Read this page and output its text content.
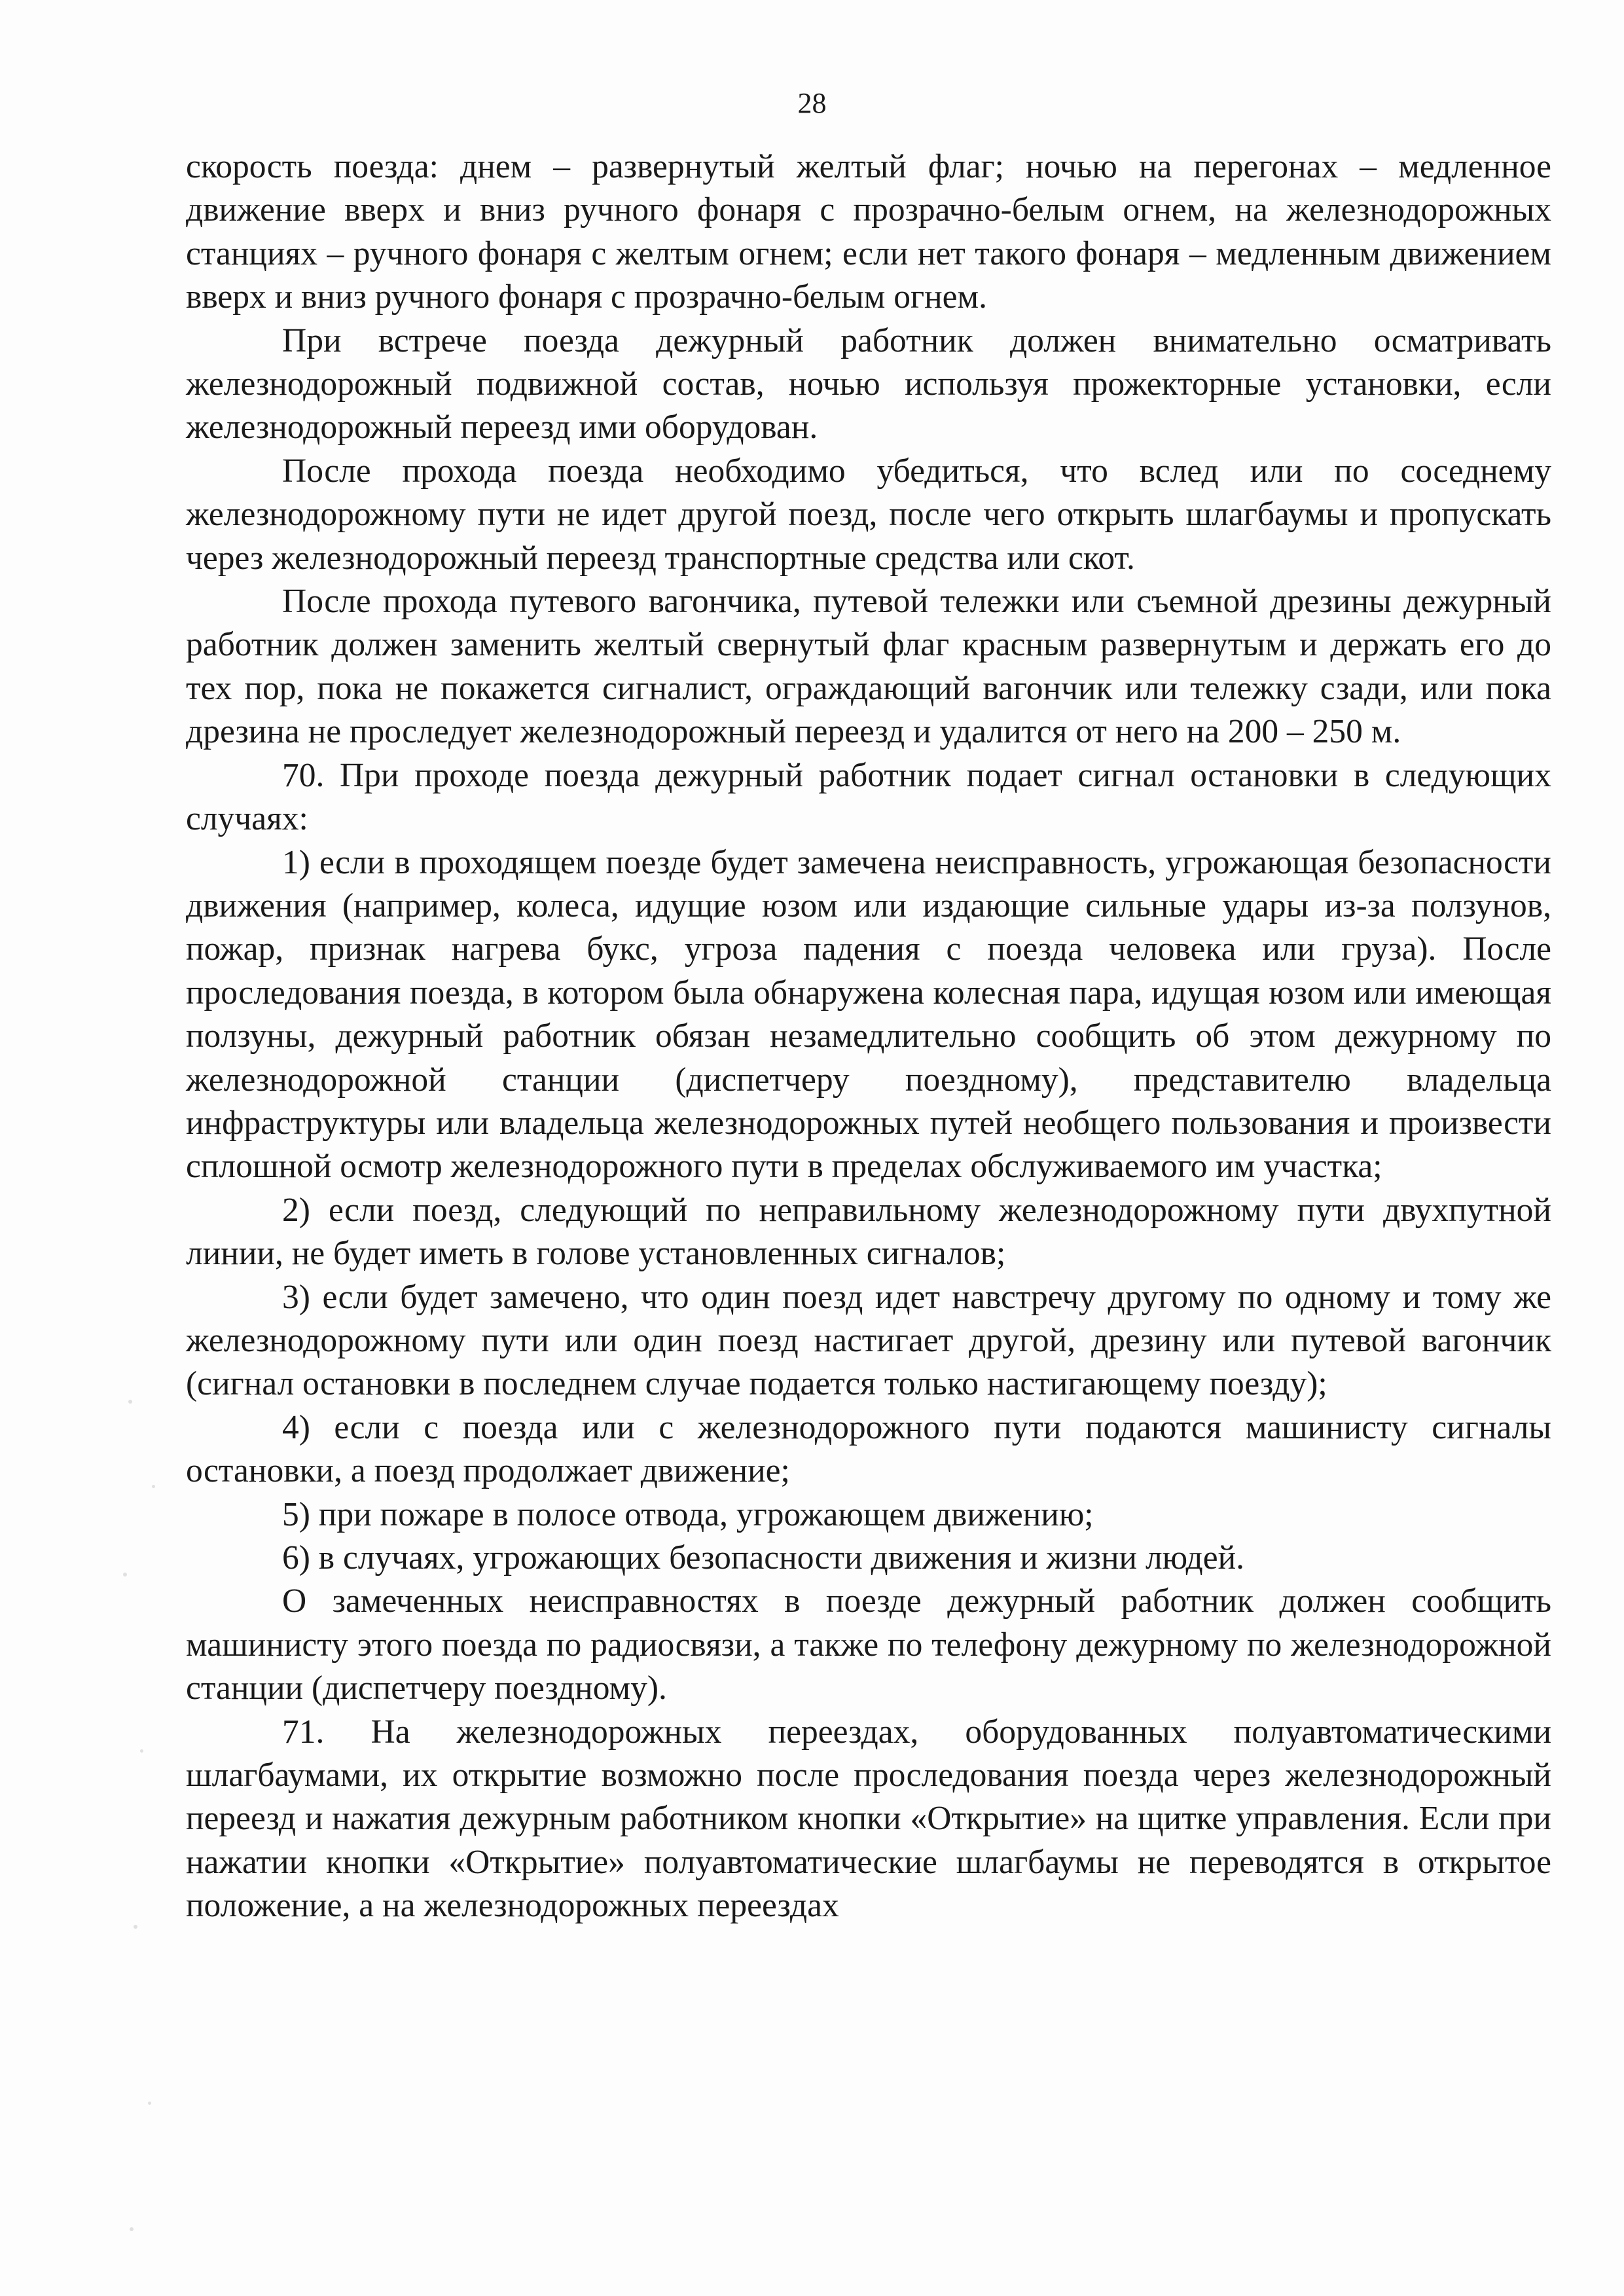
28

скорость поезда: днем – развернутый желтый флаг; ночью на перегонах – медленное движение вверх и вниз ручного фонаря с прозрачно-белым огнем, на железнодорожных станциях – ручного фонаря с желтым огнем; если нет такого фонаря – медленным движением вверх и вниз ручного фонаря с прозрачно-белым огнем.

При встрече поезда дежурный работник должен внимательно осматривать железнодорожный подвижной состав, ночью используя прожекторные установки, если железнодорожный переезд ими оборудован.

После прохода поезда необходимо убедиться, что вслед или по соседнему железнодорожному пути не идет другой поезд, после чего открыть шлагбаумы и пропускать через железнодорожный переезд транспортные средства или скот.

После прохода путевого вагончика, путевой тележки или съемной дрезины дежурный работник должен заменить желтый свернутый флаг красным развернутым и держать его до тех пор, пока не покажется сигналист, ограждающий вагончик или тележку сзади, или пока дрезина не проследует железнодорожный переезд и удалится от него на 200 – 250 м.

70. При проходе поезда дежурный работник подает сигнал остановки в следующих случаях:

1) если в проходящем поезде будет замечена неисправность, угрожающая безопасности движения (например, колеса, идущие юзом или издающие сильные удары из-за ползунов, пожар, признак нагрева букс, угроза падения с поезда человека или груза). После проследования поезда, в котором была обнаружена колесная пара, идущая юзом или имеющая ползуны, дежурный работник обязан незамедлительно сообщить об этом дежурному по железнодорожной станции (диспетчеру поездному), представителю владельца инфраструктуры или владельца железнодорожных путей необщего пользования и произвести сплошной осмотр железнодорожного пути в пределах обслуживаемого им участка;

2) если поезд, следующий по неправильному железнодорожному пути двухпутной линии, не будет иметь в голове установленных сигналов;

3) если будет замечено, что один поезд идет навстречу другому по одному и тому же железнодорожному пути или один поезд настигает другой, дрезину или путевой вагончик (сигнал остановки в последнем случае подается только настигающему поезду);

4) если с поезда или с железнодорожного пути подаются машинисту сигналы остановки, а поезд продолжает движение;

5) при пожаре в полосе отвода, угрожающем движению;

6) в случаях, угрожающих безопасности движения и жизни людей.

О замеченных неисправностях в поезде дежурный работник должен сообщить машинисту этого поезда по радиосвязи, а также по телефону дежурному по железнодорожной станции (диспетчеру поездному).

71. На железнодорожных переездах, оборудованных полуавтоматическими шлагбаумами, их открытие возможно после проследования поезда через железнодорожный переезд и нажатия дежурным работником кнопки «Открытие» на щитке управления. Если при нажатии кнопки «Открытие» полуавтоматические шлагбаумы не переводятся в открытое положение, а на железнодорожных переездах
